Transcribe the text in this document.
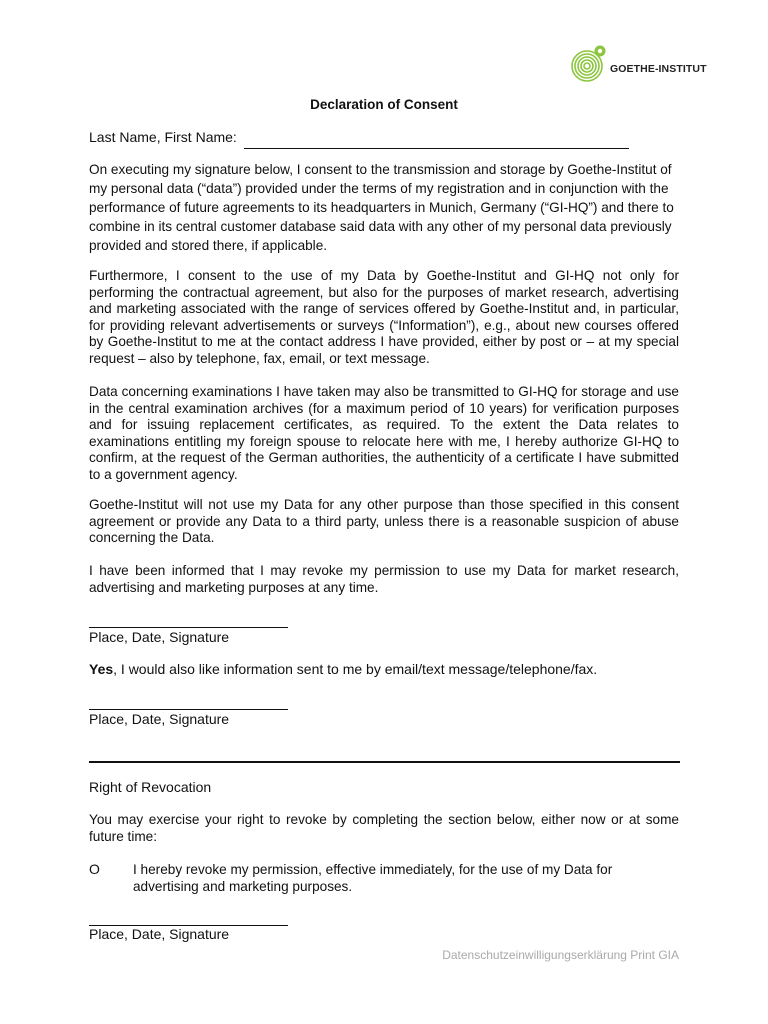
GOETHE-INSTITUT
Declaration of Consent
Last Name, First Name:

On executing my signature below, I consent to the transmission and storage by Goethe-Institut of my personal data (“data”) provided under the terms of my registration and in conjunction with the performance of future agreements to its headquarters in Munich, Germany (“GI-HQ”) and there to combine in its central customer database said data with any other of my personal data previously provided and stored there, if applicable.

Furthermore, I consent to the use of my Data by Goethe-Institut and GI-HQ not only for performing the contractual agreement, but also for the purposes of market research, advertising and marketing associated with the range of services offered by Goethe-Institut and, in particular, for providing relevant advertisements or surveys (“Information”), e.g., about new courses offered by Goethe-Institut to me at the contact address I have provided, either by post or – at my special request – also by telephone, fax, email, or text message.

Data concerning examinations I have taken may also be transmitted to GI-HQ for storage and use in the central examination archives (for a maximum period of 10 years) for verification purposes and for issuing replacement certificates, as required. To the extent the Data relates to examinations entitling my foreign spouse to relocate here with me, I hereby authorize GI-HQ to confirm, at the request of the German authorities, the authenticity of a certificate I have submitted to a government agency.

Goethe-Institut will not use my Data for any other purpose than those specified in this consent agreement or provide any Data to a third party, unless there is a reasonable suspicion of abuse concerning the Data.

I have been informed that I may revoke my permission to use my Data for market research, advertising and marketing purposes at any time.

Place, Date, Signature
Yes, I would also like information sent to me by email/text message/telephone/fax.
Place, Date, Signature
Right of Revocation

You may exercise your right to revoke by completing the section below, either now or at some future time:

O I hereby revoke my permission, effective immediately, for the use of my Data for advertising and marketing purposes.

Place, Date, Signature
Datenschutzeinwilligungserklärung Print GIA
